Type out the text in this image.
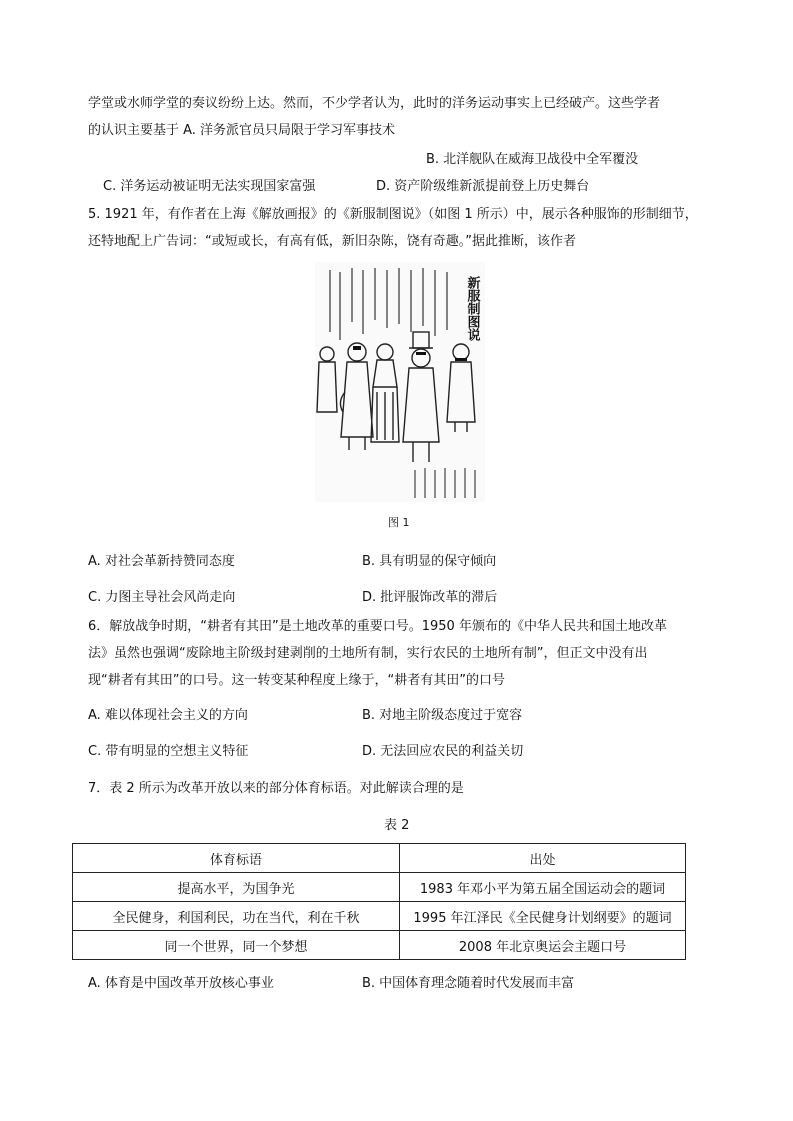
学堂或水师学堂的奏议纷纷上达。然而，不少学者认为，此时的洋务运动事实上已经破产。这些学者
的认识主要基于 A. 洋务派官员只局限于学习军事技术
B. 北洋舰队在威海卫战役中全军覆没
C. 洋务运动被证明无法实现国家富强	D. 资产阶级维新派提前登上历史舞台
5. 1921 年，有作者在上海《解放画报》的《新服制图说》（如图 1 所示）中，展示各种服饰的形制细节，
还特地配上广告词：“或短或长，有高有低，新旧杂陈，饶有奇趣。”据此推断，该作者
新服制图说
图 1
A. 对社会革新持赞同态度	B. 具有明显的保守倾向
C. 力图主导社会风尚走向	D. 批评服饰改革的滞后
6．解放战争时期，“耕者有其田”是土地改革的重要口号。1950 年颁布的《中华人民共和国土地改革
法》虽然也强调“废除地主阶级封建剥削的土地所有制，实行农民的土地所有制”，但正文中没有出
现“耕者有其田”的口号。这一转变某种程度上缘于，“耕者有其田”的口号
A. 难以体现社会主义的方向	B. 对地主阶级态度过于宽容
C. 带有明显的空想主义特征	D. 无法回应农民的利益关切
7．表 2 所示为改革开放以来的部分体育标语。对此解读合理的是
表 2
体育标语	出处
提高水平，为国争光	1983 年邓小平为第五届全国运动会的题词
全民健身，利国利民，功在当代，利在千秋	1995 年江泽民《全民健身计划纲要》的题词
同一个世界，同一个梦想	2008 年北京奥运会主题口号
A. 体育是中国改革开放核心事业	B. 中国体育理念随着时代发展而丰富
